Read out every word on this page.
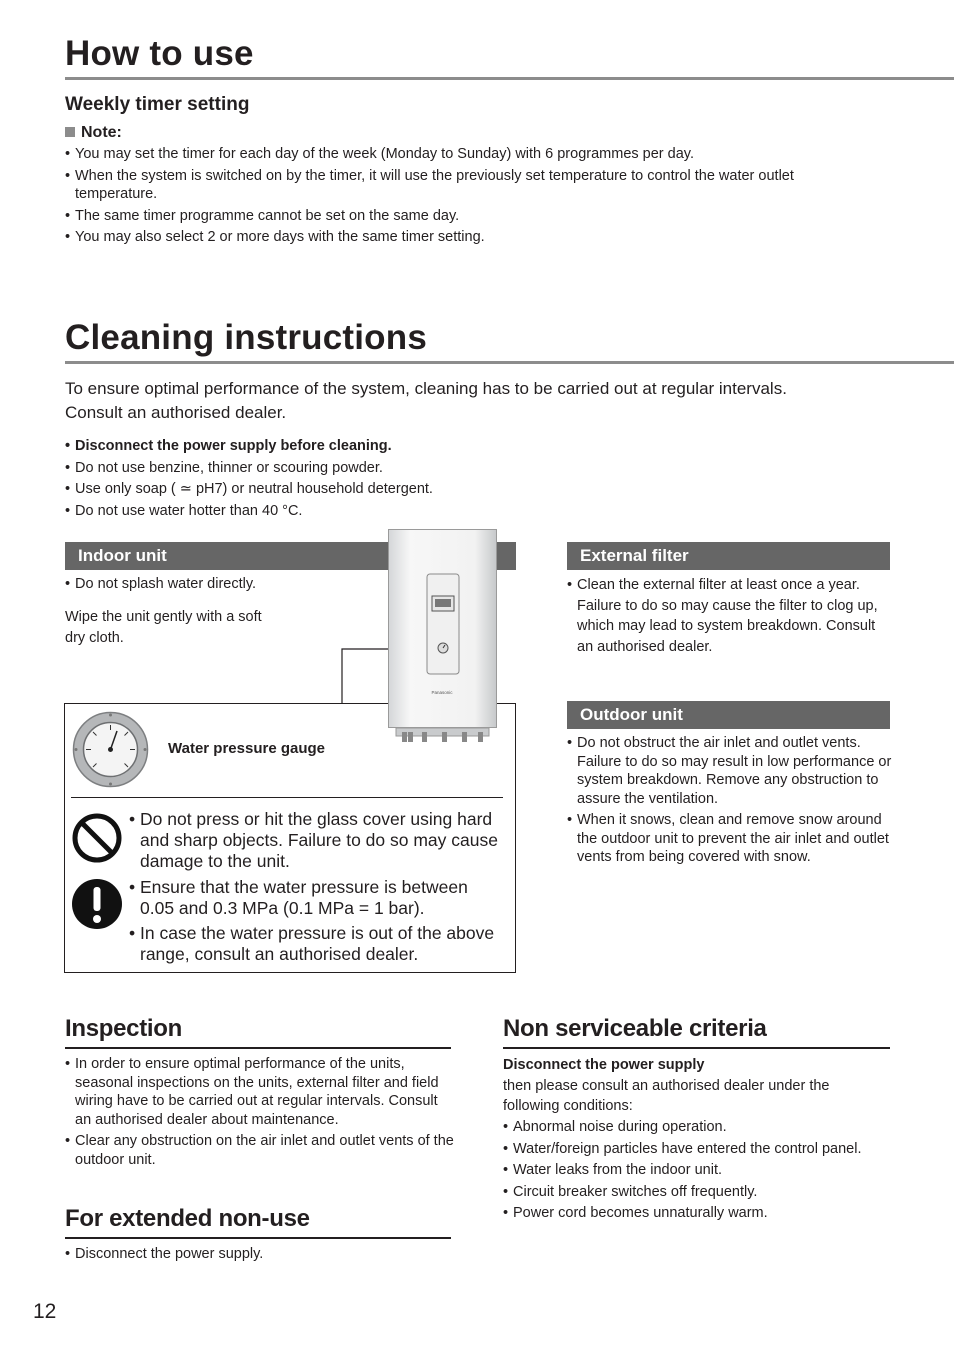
How to use
Weekly timer setting
Note:
• You may set the timer for each day of the week (Monday to Sunday) with 6 programmes per day.
• When the system is switched on by the timer, it will use the previously set temperature to control the water outlet temperature.
• The same timer programme cannot be set on the same day.
• You may also select 2 or more days with the same timer setting.
Cleaning instructions
To ensure optimal performance of the system, cleaning has to be carried out at regular intervals.
Consult an authorised dealer.
• Disconnect the power supply before cleaning.
• Do not use benzine, thinner or scouring powder.
• Use only soap ( ≃ pH7) or neutral household detergent.
• Do not use water hotter than 40 °C.
Indoor unit
• Do not splash water directly.
Wipe the unit gently with a soft dry cloth.
Panasonic
Water pressure gauge
• Do not press or hit the glass cover using hard and sharp objects. Failure to do so may cause damage to the unit.
• Ensure that the water pressure is between 0.05 and 0.3 MPa (0.1 MPa = 1 bar).
• In case the water pressure is out of the above range, consult an authorised dealer.
External filter
• Clean the external filter at least once a year. Failure to do so may cause the filter to clog up, which may lead to system breakdown. Consult an authorised dealer.
Outdoor unit
• Do not obstruct the air inlet and outlet vents. Failure to do so may result in low performance or system breakdown. Remove any obstruction to assure the ventilation.
• When it snows, clean and remove snow around the outdoor unit to prevent the air inlet and outlet vents from being covered with snow.
Inspection
• In order to ensure optimal performance of the units, seasonal inspections on the units, external filter and field wiring have to be carried out at regular intervals. Consult an authorised dealer about maintenance.
• Clear any obstruction on the air inlet and outlet vents of the outdoor unit.
For extended non-use
• Disconnect the power supply.
Non serviceable criteria
Disconnect the power supply
then please consult an authorised dealer under the following conditions:
• Abnormal noise during operation.
• Water/foreign particles have entered the control panel.
• Water leaks from the indoor unit.
• Circuit breaker switches off frequently.
• Power cord becomes unnaturally warm.
12
